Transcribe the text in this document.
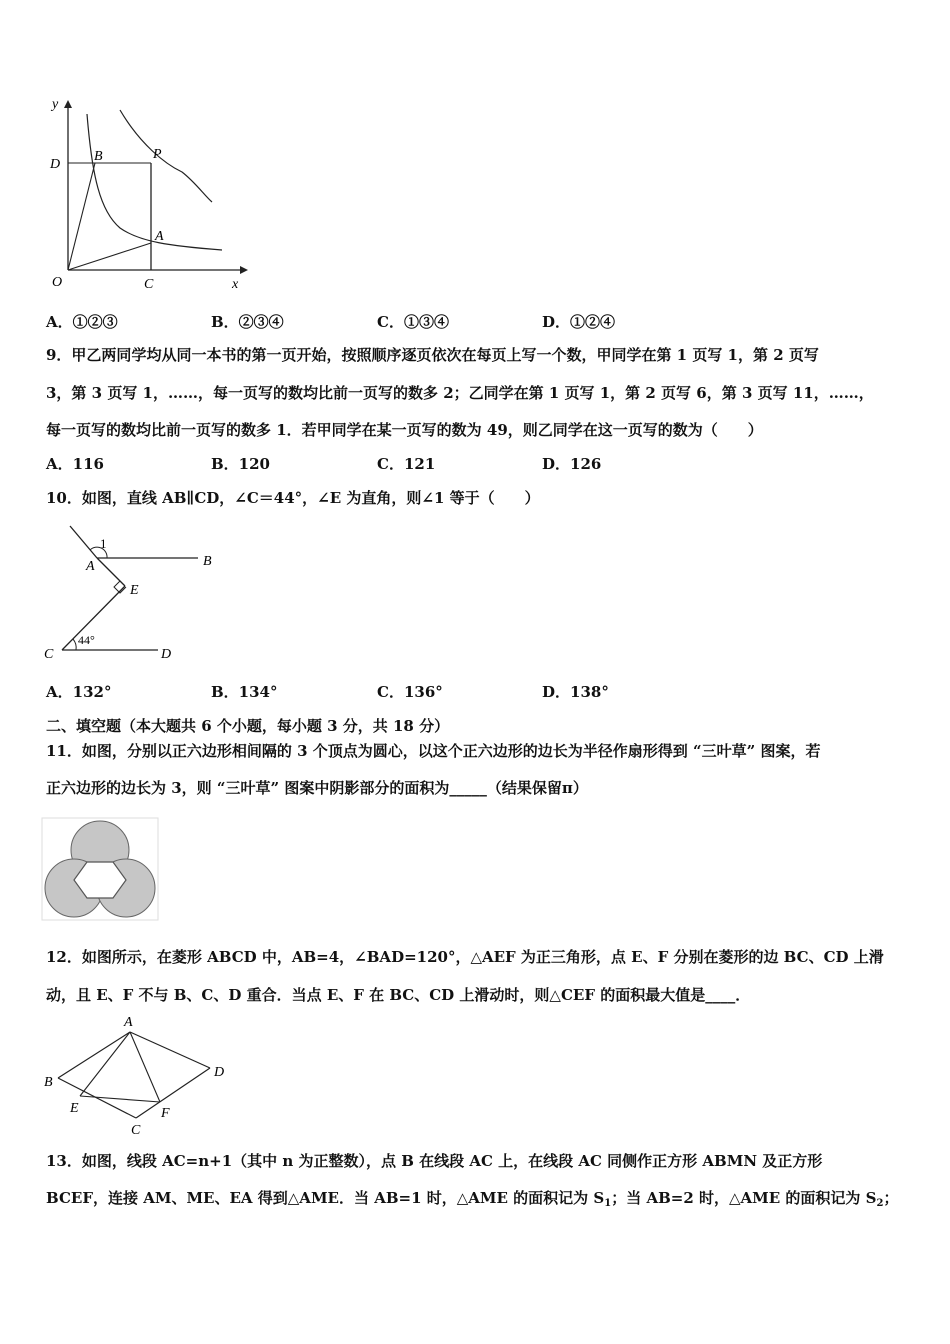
y
D
B	P
A
O	C	x
A．①②③	B．②③④	C．①③④	D．①②④
9．甲乙两同学均从同一本书的第一页开始，按照顺序逐页依次在每页上写一个数，甲同学在第 1 页写 1，第 2 页写
3，第 3 页写 1，……，每一页写的数均比前一页写的数多 2；乙同学在第 1 页写 1，第 2 页写 6，第 3 页写 11，……，
每一页写的数均比前一页写的数多 1．若甲同学在某一页写的数为 49，则乙同学在这一页写的数为（　　）
A．116	B．120	C．121	D．126
10．如图，直线 AB∥CD，∠C＝44°，∠E 为直角，则∠1 等于（　　）
1
A	B
E
44°
C	D
A．132°	B．134°	C．136°	D．138°
二、填空题（本大题共 6 个小题，每小题 3 分，共 18 分）
11．如图，分别以正六边形相间隔的 3 个顶点为圆心，以这个正六边形的边长为半径作扇形得到 “三叶草” 图案，若
正六边形的边长为 3，则 “三叶草” 图案中阴影部分的面积为_____（结果保留π）
12．如图所示，在菱形 ABCD 中，AB=4，∠BAD=120°，△AEF 为正三角形，点 E、F 分别在菱形的边 BC、CD 上滑
动，且 E、F 不与 B、C、D 重合．当点 E、F 在 BC、CD 上滑动时，则△CEF 的面积最大值是____．
A
B
D
E	F
C
13．如图，线段 AC=n+1（其中 n 为正整数），点 B 在线段 AC 上，在线段 AC 同侧作正方形 ABMN 及正方形
BCEF，连接 AM、ME、EA 得到△AME．当 AB=1 时，△AME 的面积记为 $S_1$；当 AB=2 时，△AME 的面积记为 $S_2$；
